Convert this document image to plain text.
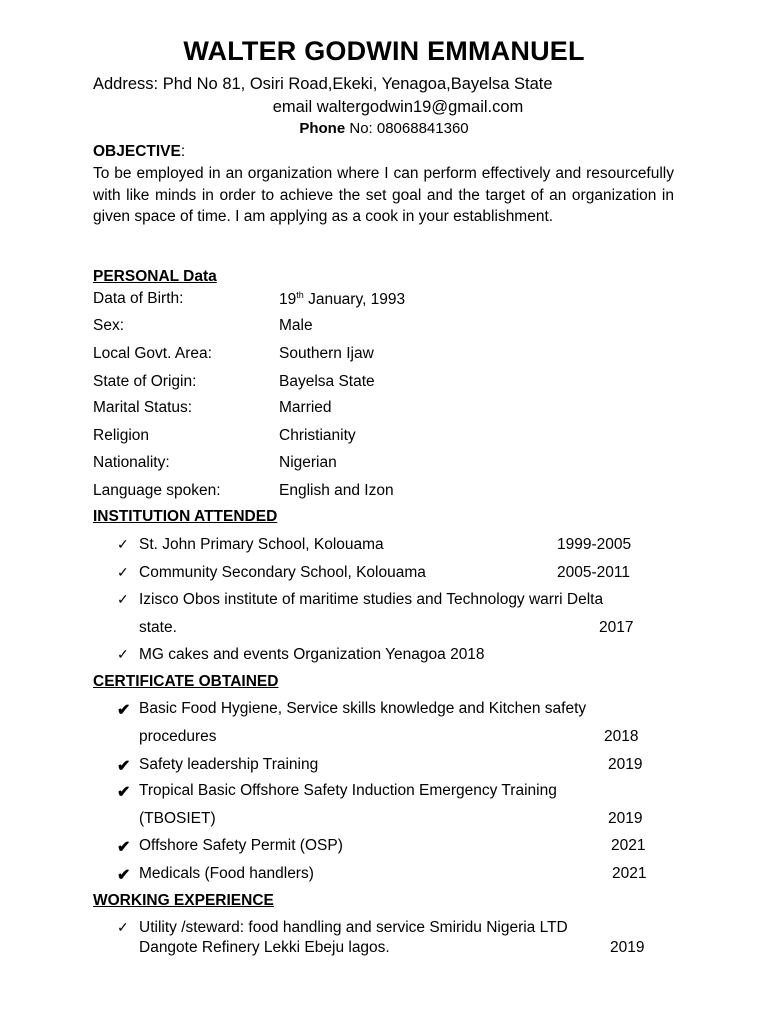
WALTER GODWIN EMMANUEL
Address: Phd No 81, Osiri Road,Ekeki, Yenagoa,Bayelsa State
email waltergodwin19@gmail.com
Phone No: 08068841360
OBJECTIVE:
To be employed in an organization where I can perform effectively and resourcefully with like minds in order to achieve the set goal and the target of an organization in given space of time. I am applying as a cook in your establishment.
PERSONAL Data
Data of Birth:	19th January, 1993
Sex:	Male
Local Govt. Area:	Southern Ijaw
State of Origin:	Bayelsa State
Marital Status:	Married
Religion	Christianity
Nationality:	Nigerian
Language spoken:	English and Izon
INSTITUTION ATTENDED
✓ St. John Primary School, Kolouama	1999-2005
✓ Community Secondary School, Kolouama	2005-2011
✓ Izisco Obos institute of maritime studies and Technology warri Delta
state.	2017
✓ MG cakes and events Organization Yenagoa 2018
CERTIFICATE OBTAINED
✔ Basic Food Hygiene, Service skills knowledge and Kitchen safety
procedures	2018
✔ Safety leadership Training	2019
✔ Tropical Basic Offshore Safety Induction Emergency Training
(TBOSIET)	2019
✔ Offshore Safety Permit (OSP)	2021
✔ Medicals (Food handlers)	2021
WORKING EXPERIENCE
✓ Utility /steward: food handling and service Smiridu Nigeria LTD
Dangote Refinery Lekki Ebeju lagos.	2019
